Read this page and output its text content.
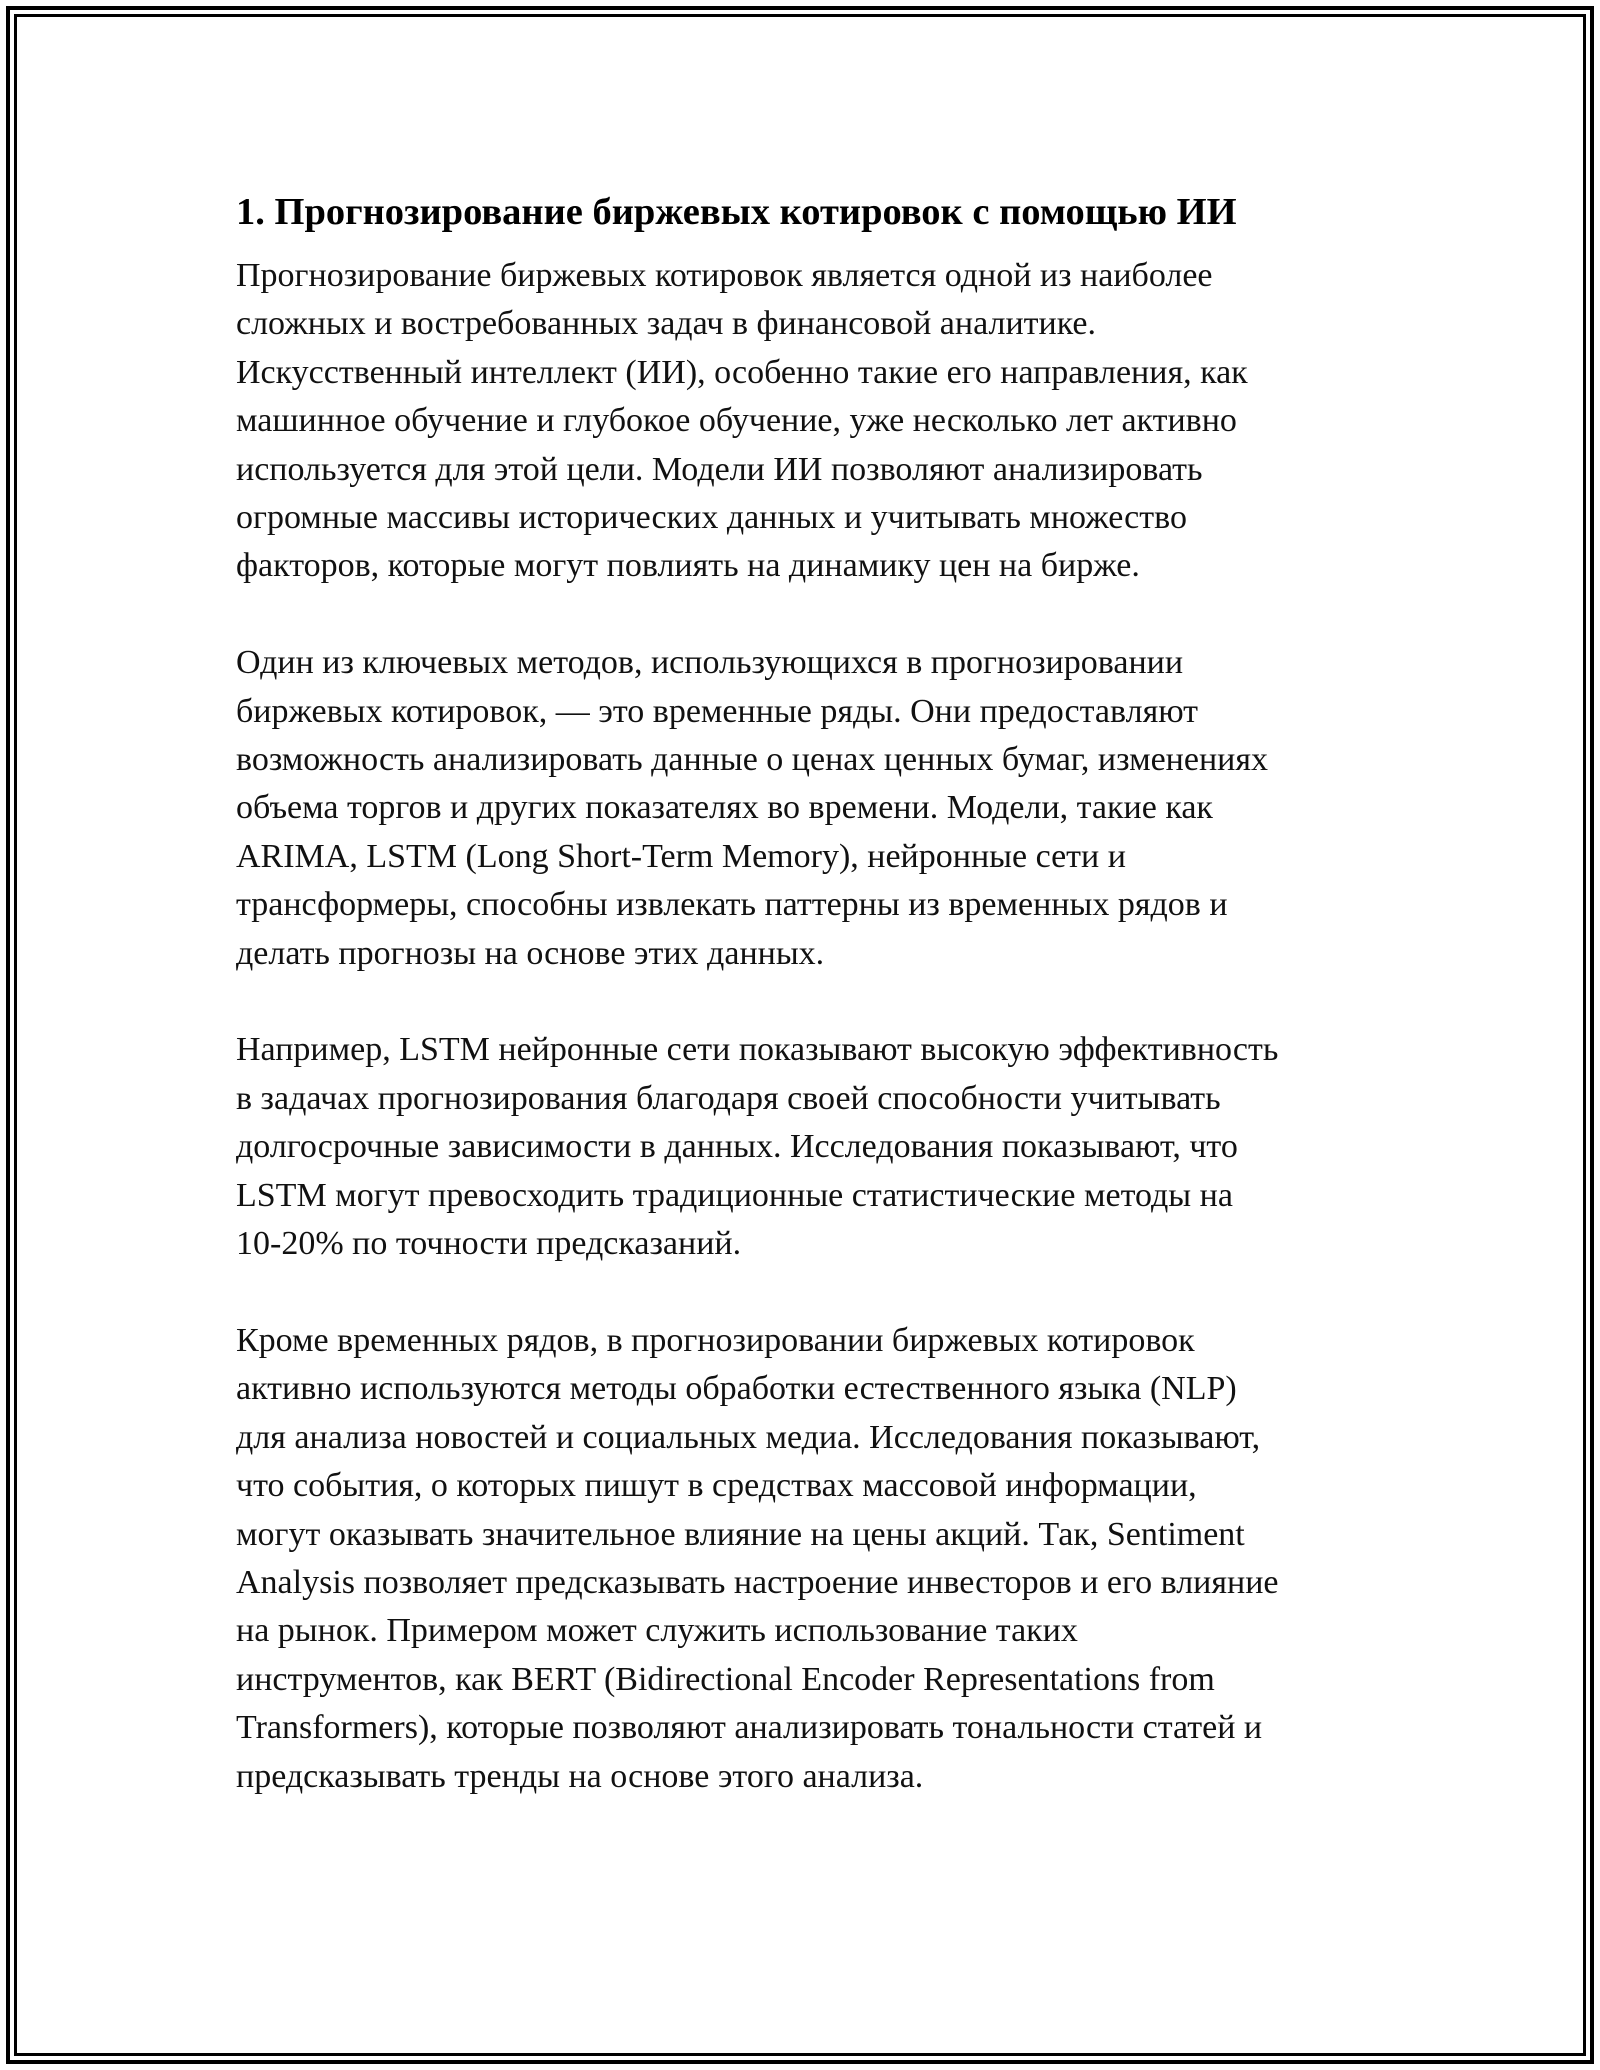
1. Прогнозирование биржевых котировок с помощью ИИ

Прогнозирование биржевых котировок является одной из наиболее
сложных и востребованных задач в финансовой аналитике.
Искусственный интеллект (ИИ), особенно такие его направления, как
машинное обучение и глубокое обучение, уже несколько лет активно
используется для этой цели. Модели ИИ позволяют анализировать
огромные массивы исторических данных и учитывать множество
факторов, которые могут повлиять на динамику цен на бирже.

Один из ключевых методов, использующихся в прогнозировании
биржевых котировок, — это временные ряды. Они предоставляют
возможность анализировать данные о ценах ценных бумаг, изменениях
объема торгов и других показателях во времени. Модели, такие как
ARIMA, LSTM (Long Short-Term Memory), нейронные сети и
трансформеры, способны извлекать паттерны из временных рядов и
делать прогнозы на основе этих данных.

Например, LSTM нейронные сети показывают высокую эффективность
в задачах прогнозирования благодаря своей способности учитывать
долгосрочные зависимости в данных. Исследования показывают, что
LSTM могут превосходить традиционные статистические методы на
10-20% по точности предсказаний.

Кроме временных рядов, в прогнозировании биржевых котировок
активно используются методы обработки естественного языка (NLP)
для анализа новостей и социальных медиа. Исследования показывают,
что события, о которых пишут в средствах массовой информации,
могут оказывать значительное влияние на цены акций. Так, Sentiment
Analysis позволяет предсказывать настроение инвесторов и его влияние
на рынок. Примером может служить использование таких
инструментов, как BERT (Bidirectional Encoder Representations from
Transformers), которые позволяют анализировать тональности статей и
предсказывать тренды на основе этого анализа.
